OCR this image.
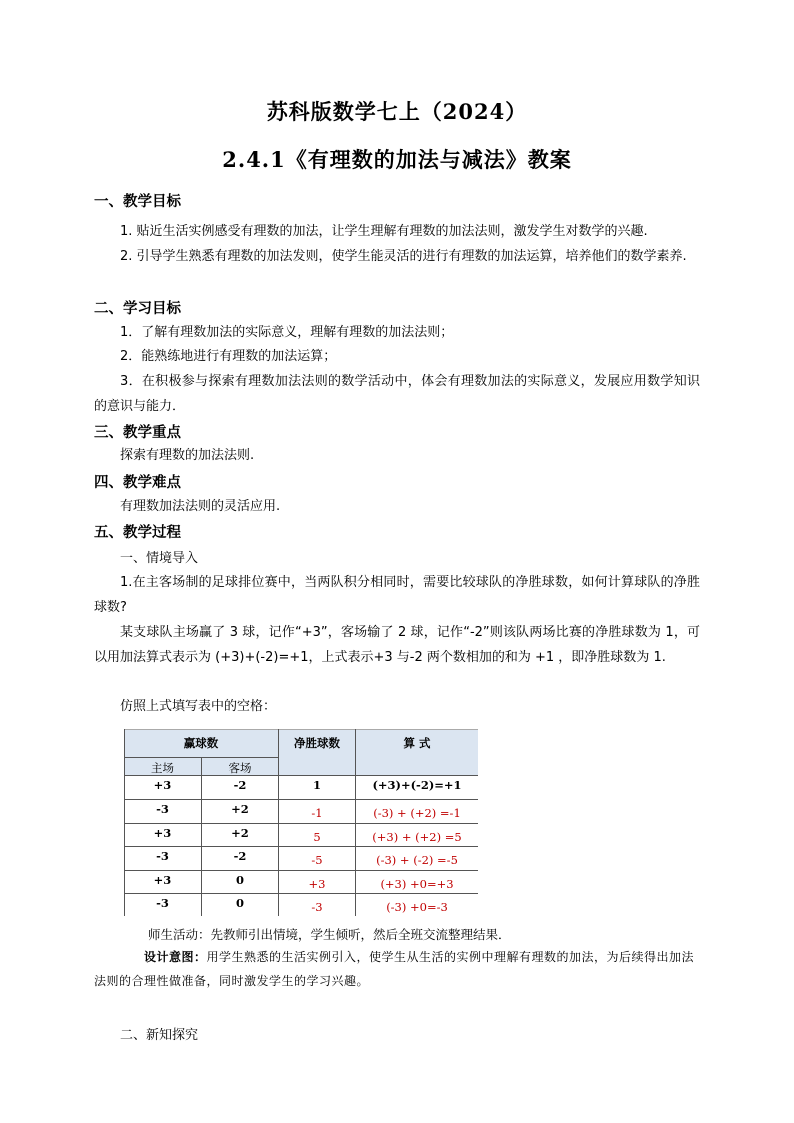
苏科版数学七上（2024）
2.4.1《有理数的加法与减法》教案
一、教学目标
1. 贴近生活实例感受有理数的加法，让学生理解有理数的加法法则，激发学生对数学的兴趣.
2. 引导学生熟悉有理数的加法发则，使学生能灵活的进行有理数的加法运算，培养他们的数学素养.
二、学习目标
1．了解有理数加法的实际意义，理解有理数的加法法则；
2．能熟练地进行有理数的加法运算；
3．在积极参与探索有理数加法法则的数学活动中，体会有理数加法的实际意义，发展应用数学知识的意识与能力．
三、教学重点
探索有理数的加法法则.
四、教学难点
有理数加法法则的灵活应用.
五、教学过程
一、情境导入
1.在主客场制的足球排位赛中，当两队积分相同时，需要比较球队的净胜球数，如何计算球队的净胜球数?
某支球队主场赢了 3 球，记作“+3”，客场输了 2 球，记作“-2”则该队两场比赛的净胜球数为 1，可以用加法算式表示为 (+3)+(-2)=+1，上式表示+3 与-2 两个数相加的和为 +1 ，即净胜球数为 1.
仿照上式填写表中的空格：
赢球数	净胜球数	算 式
主场	客场
+3	-2	1	(+3)+(-2)=+1
-3	+2	-1	(-3) + (+2) =-1
+3	+2	5	(+3) + (+2) =5
-3	-2	-5	(-3) + (-2) =-5
+3	0	+3	(+3) +0=+3
-3	0	-3	(-3) +0=-3
师生活动：先教师引出情境，学生倾听，然后全班交流整理结果．
设计意图：用学生熟悉的生活实例引入，使学生从生活的实例中理解有理数的加法，为后续得出加法法则的合理性做准备，同时激发学生的学习兴趣。
二、新知探究
